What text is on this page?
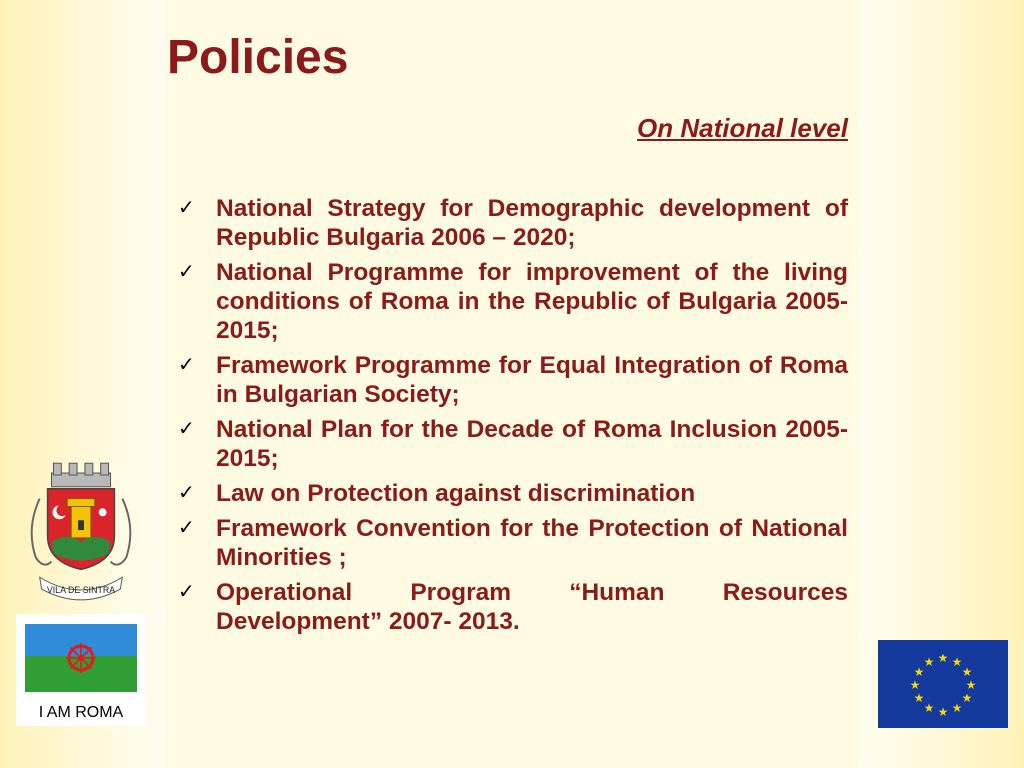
Policies
On National level
✓ National Strategy for Demographic development of Republic Bulgaria 2006 – 2020;
✓ National Programme for improvement of the living conditions of Roma in the Republic of Bulgaria 2005-2015;
✓ Framework Programme for Equal Integration of Roma in Bulgarian Society;
✓ National Plan for the Decade of Roma Inclusion 2005-2015;
✓ Law on Protection against discrimination
✓ Framework Convention for the Protection of National Minorities ;
✓ Operational Program “Human Resources Development” 2007- 2013.
VILA DE SINTRA
I AM ROMA
★ ★
★
★
★
★
★
★
★
★
★
★
